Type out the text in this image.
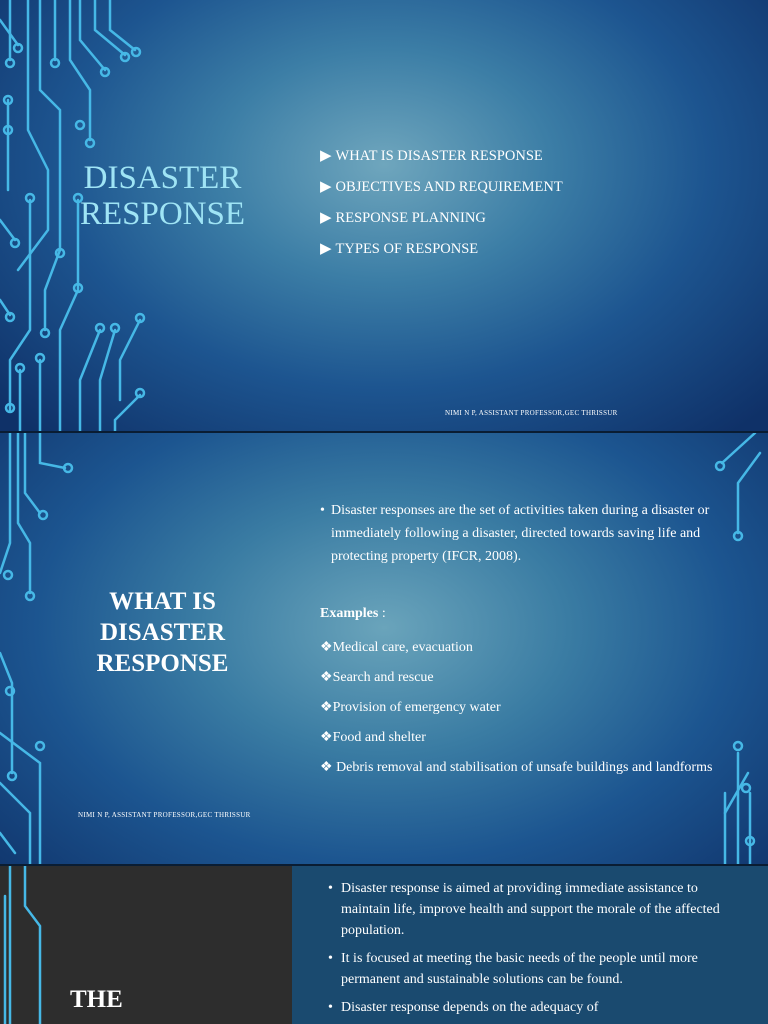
DISASTER
RESPONSE
▶ WHAT IS DISASTER RESPONSE
▶ OBJECTIVES AND REQUIREMENT
▶ RESPONSE PLANNING
▶ TYPES OF RESPONSE
NIMI N P, ASSISTANT PROFESSOR,GEC THRISSUR
WHAT IS
DISASTER
RESPONSE
• Disaster responses are the set of activities taken during a disaster or immediately following a disaster, directed towards saving life and protecting property (IFCR, 2008).
Examples :
❖Medical care, evacuation
❖Search and rescue
❖Provision of emergency water
❖Food and shelter
❖ Debris removal and stabilisation of unsafe buildings and landforms
NIMI N P, ASSISTANT PROFESSOR,GEC THRISSUR
THE
• Disaster response is aimed at providing immediate assistance to maintain life, improve health and support the morale of the affected population.
• It is focused at meeting the basic needs of the people until more permanent and sustainable solutions can be found.
• Disaster response depends on the adequacy of
